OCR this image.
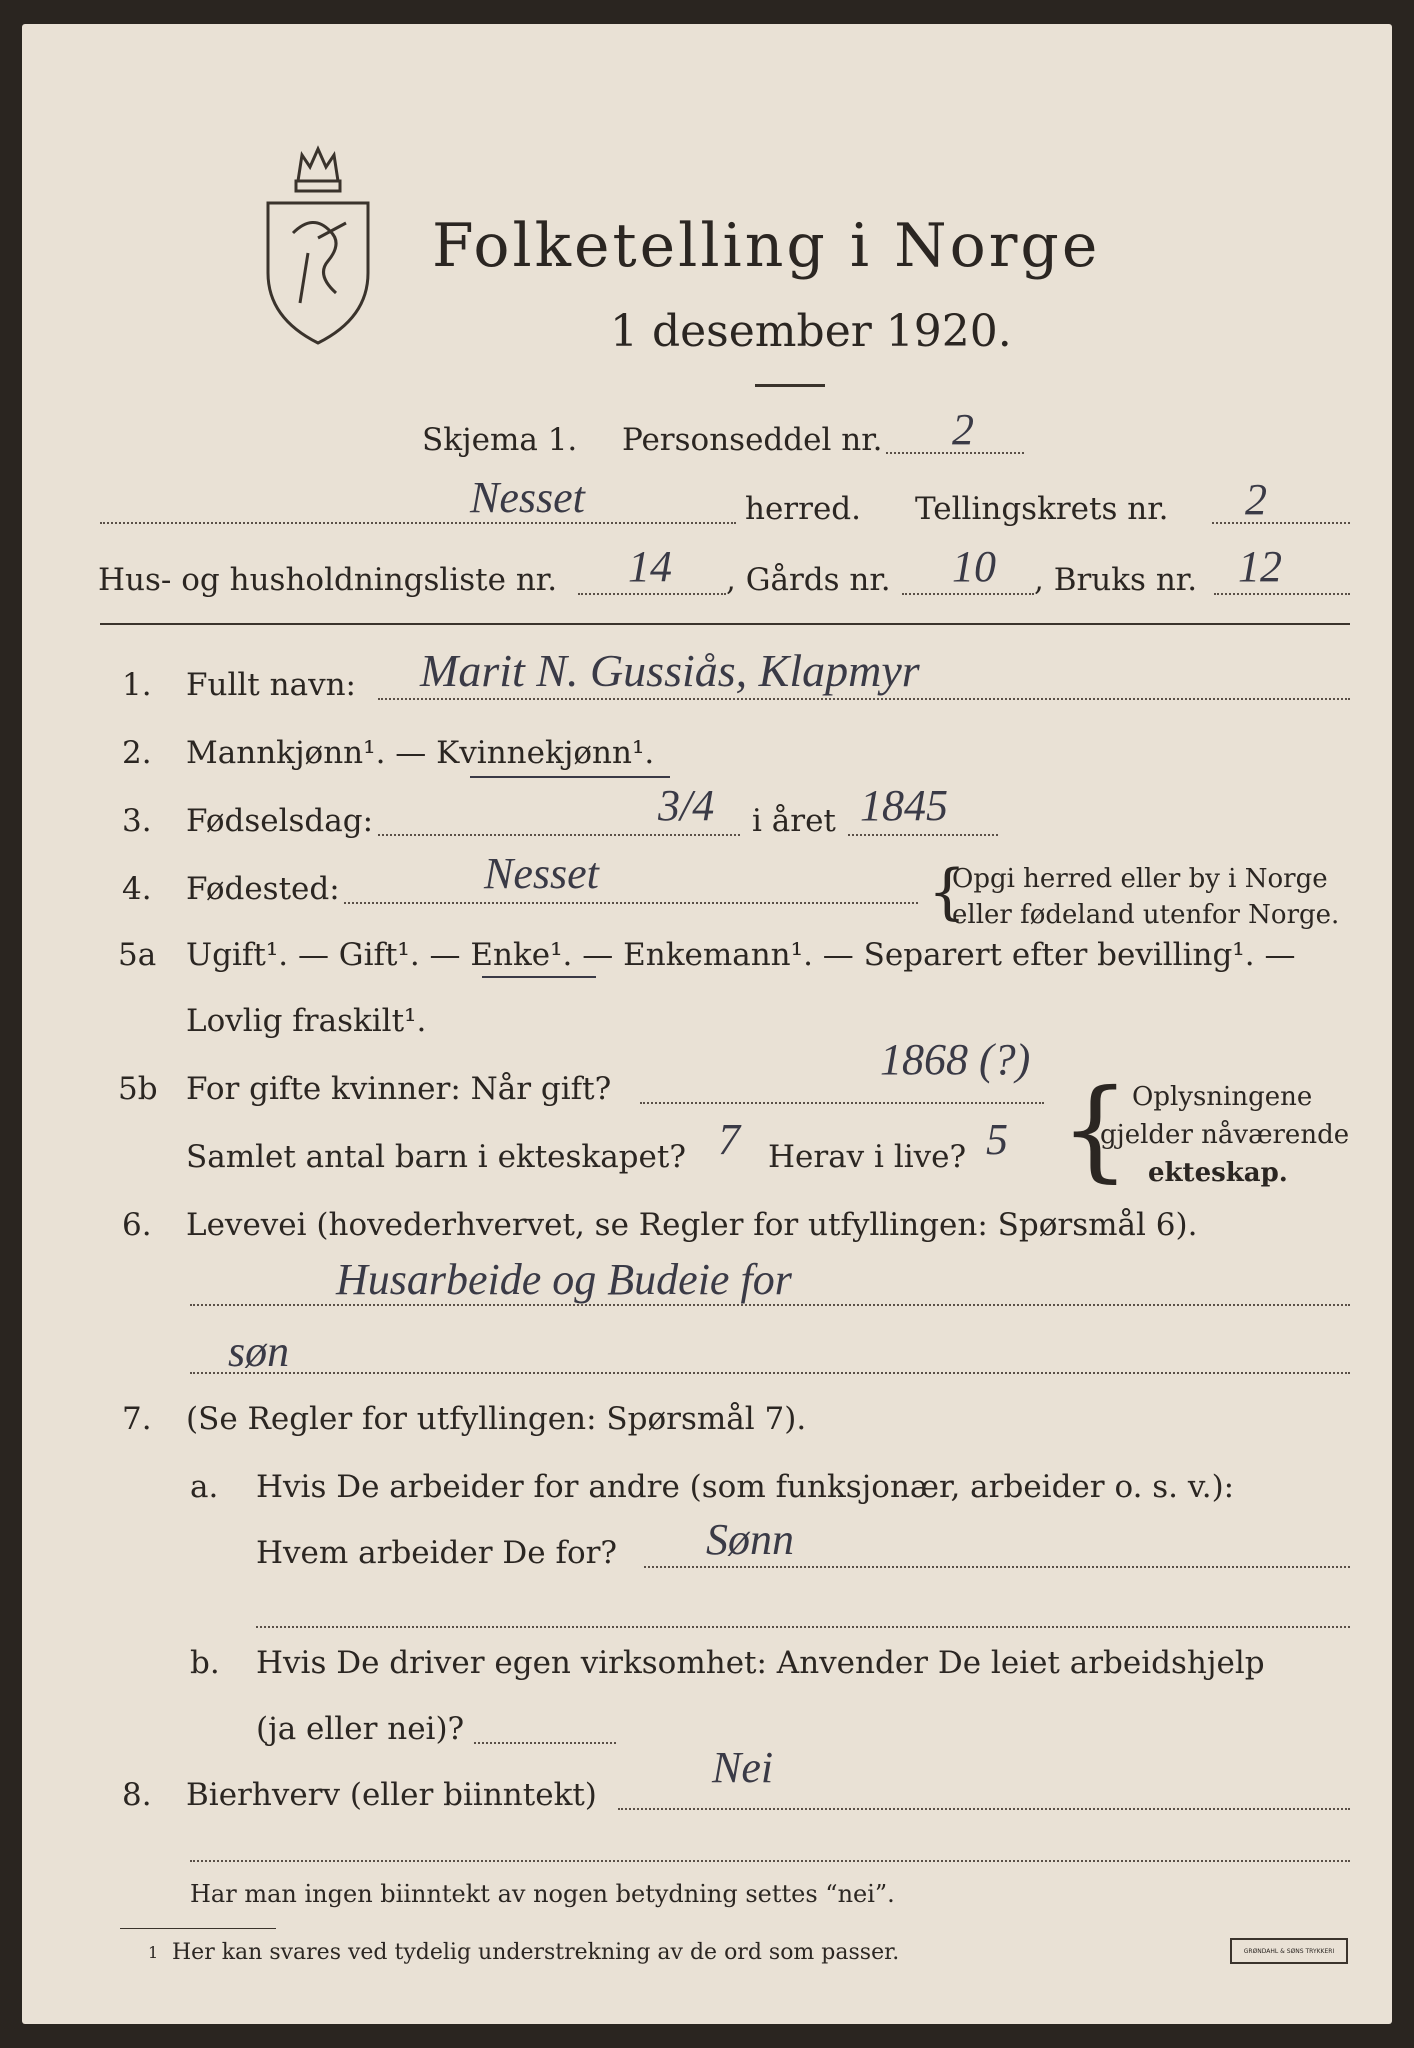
Folketelling i Norge
1 desember 1920.
Skjema 1. Personseddel nr. 2
Nesset	herred. Tellingskrets nr. 2
Hus- og husholdningsliste nr. 14 , Gårds nr. 10 , Bruks nr. 12
1. Fullt navn: Marit N. Gussiås, Klapmyr
2. Mannkjønn¹. — Kvinnekjønn¹.
3. Fødselsdag:	3/4 i året 1845
4. Fødested:	Nesset	{
Opgi herred eller by i Norge
eller fødeland utenfor Norge.
5a Ugift¹. — Gift¹. — Enke¹. — Enkemann¹. — Separert efter bevilling¹. —
Lovlig fraskilt¹.
5b For gifte kvinner: Når gift?
1868 (?)
Samlet antal barn i ekteskapet? 7 Herav i live? 5 { Oplysningene
gjelder nåværende
ekteskap.
6. Levevei (hovederhvervet, se Regler for utfyllingen: Spørsmål 6).
Husarbeide og Budeie for
søn
7. (Se Regler for utfyllingen: Spørsmål 7).
a. Hvis De arbeider for andre (som funksjonær, arbeider o. s. v.):
Hvem arbeider De for? Sønn
b. Hvis De driver egen virksomhet: Anvender De leiet arbeidshjelp
(ja eller nei)?
8. Bierhverv (eller biinntekt)
Nei
Har man ingen biinntekt av nogen betydning settes “nei”.
1 Her kan svares ved tydelig understrekning av de ord som passer.	GRØNDAHL & SØNS TRYKKERI
